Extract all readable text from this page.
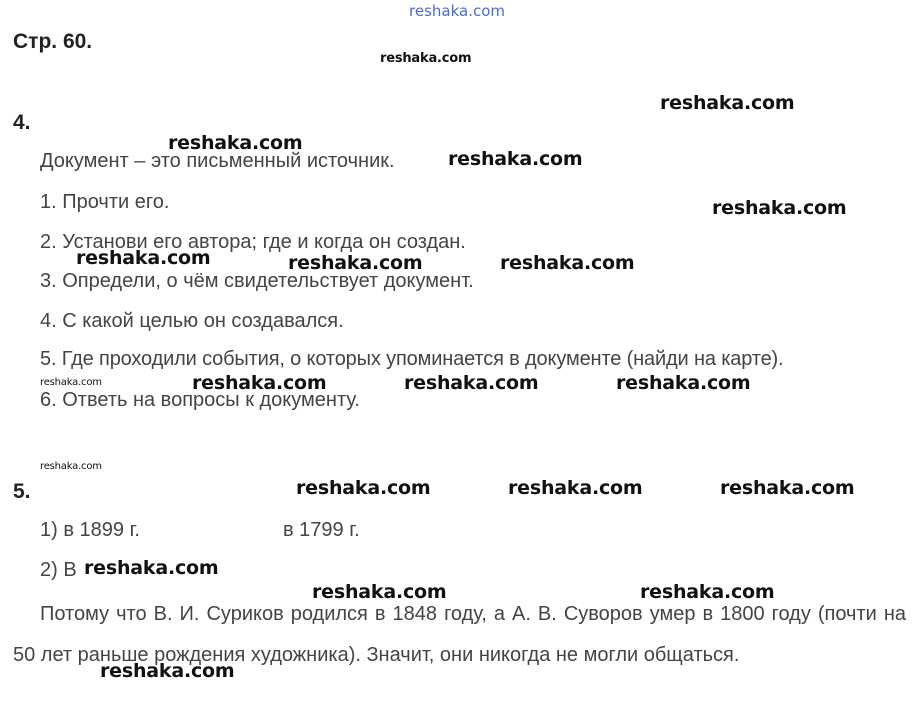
reshaka.com
Стр. 60.
4.
Документ – это письменный источник.
1. Прочти его.
2. Установи его автора; где и когда он создан.
3. Определи, о чём свидетельствует документ.
4. С какой целью он создавался.
5. Где проходили события, о которых упоминается в документе (найди на карте).
6. Ответь на вопросы к документу.
5.
1) в 1899 г.	в 1799 г.
2) В
Потому что В. И. Суриков родился в 1848 году, а А. В. Суворов умер в 1800 году (почти на 50 лет раньше рождения художника). Значит, они никогда не могли общаться.
reshaka.com
reshaka.com
reshaka.com
reshaka.com
reshaka.com
reshaka.com	reshaka.com	reshaka.com
reshaka.com	reshaka.com	reshaka.com	reshaka.com
reshaka.com
reshaka.com	reshaka.com	reshaka.com
reshaka.com
reshaka.com	reshaka.com
reshaka.com
